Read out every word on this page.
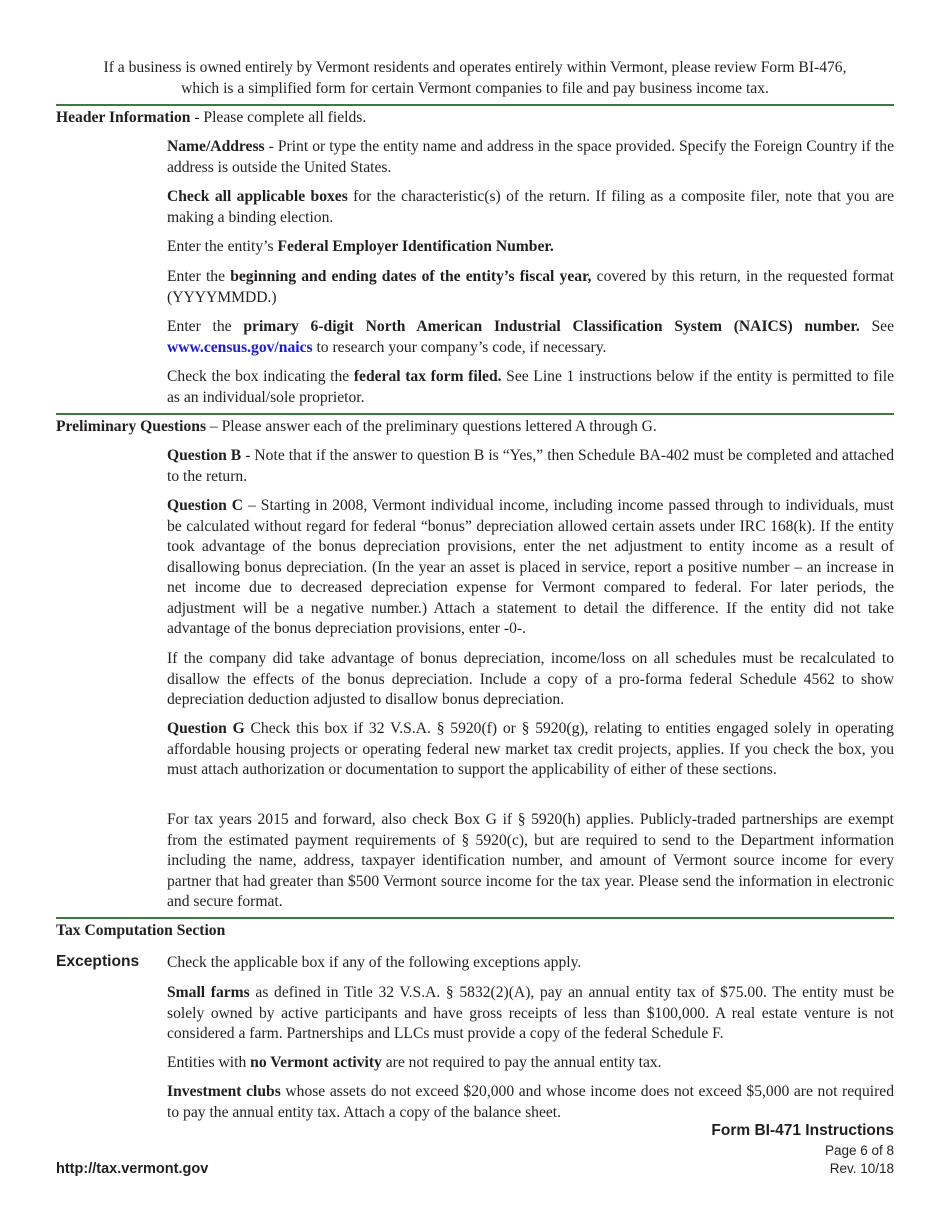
If a business is owned entirely by Vermont residents and operates entirely within Vermont, please review Form BI-476,
which is a simplified form for certain Vermont companies to file and pay business income tax.
Header Information - Please complete all fields.
Name/Address - Print or type the entity name and address in the space provided. Specify the Foreign Country if the address is outside the United States.
Check all applicable boxes for the characteristic(s) of the return. If filing as a composite filer, note that you are making a binding election.
Enter the entity’s Federal Employer Identification Number.
Enter the beginning and ending dates of the entity’s fiscal year, covered by this return, in the requested format (YYYYMMDD.)
Enter the primary 6-digit North American Industrial Classification System (NAICS) number. See www.census.gov/naics to research your company’s code, if necessary.
Check the box indicating the federal tax form filed. See Line 1 instructions below if the entity is permitted to file as an individual/sole proprietor.
Preliminary Questions – Please answer each of the preliminary questions lettered A through G.
Question B - Note that if the answer to question B is “Yes,” then Schedule BA-402 must be completed and attached to the return.
Question C – Starting in 2008, Vermont individual income, including income passed through to individuals, must be calculated without regard for federal “bonus” depreciation allowed certain assets under IRC 168(k). If the entity took advantage of the bonus depreciation provisions, enter the net adjustment to entity income as a result of disallowing bonus depreciation. (In the year an asset is placed in service, report a positive number – an increase in net income due to decreased depreciation expense for Vermont compared to federal. For later periods, the adjustment will be a negative number.) Attach a statement to detail the difference. If the entity did not take advantage of the bonus depreciation provisions, enter -0-.
If the company did take advantage of bonus depreciation, income/loss on all schedules must be recalculated to disallow the effects of the bonus depreciation. Include a copy of a pro-forma federal Schedule 4562 to show depreciation deduction adjusted to disallow bonus depreciation.
Question G Check this box if 32 V.S.A. § 5920(f) or § 5920(g), relating to entities engaged solely in operating affordable housing projects or operating federal new market tax credit projects, applies. If you check the box, you must attach authorization or documentation to support the applicability of either of these sections.
For tax years 2015 and forward, also check Box G if § 5920(h) applies. Publicly-traded partnerships are exempt from the estimated payment requirements of § 5920(c), but are required to send to the Department information including the name, address, taxpayer identification number, and amount of Vermont source income for every partner that had greater than $500 Vermont source income for the tax year. Please send the information in electronic and secure format.
Tax Computation Section
Exceptions Check the applicable box if any of the following exceptions apply.
Small farms as defined in Title 32 V.S.A. § 5832(2)(A), pay an annual entity tax of $75.00. The entity must be solely owned by active participants and have gross receipts of less than $100,000. A real estate venture is not considered a farm. Partnerships and LLCs must provide a copy of the federal Schedule F.
Entities with no Vermont activity are not required to pay the annual entity tax.
Investment clubs whose assets do not exceed $20,000 and whose income does not exceed $5,000 are not required to pay the annual entity tax. Attach a copy of the balance sheet.
Form BI-471 Instructions
Page 6 of 8
Rev. 10/18
http://tax.vermont.gov
